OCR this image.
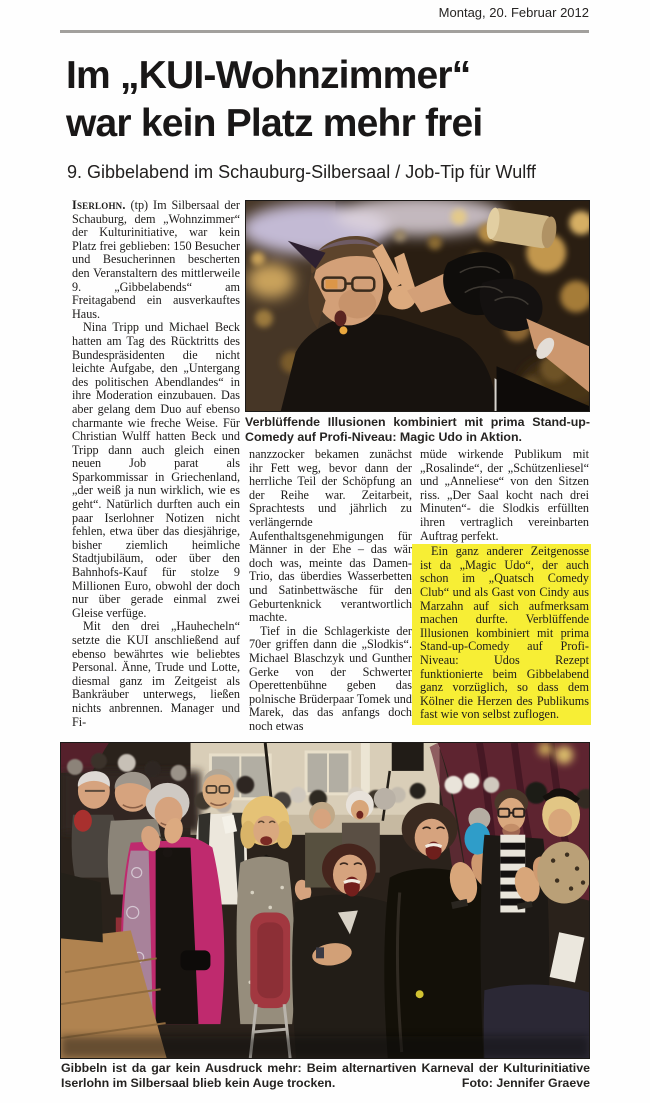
Montag, 20. Februar 2012
Im „KUI-Wohnzimmer“
war kein Platz mehr frei
9. Gibbelabend im Schauburg-Silbersaal / Job-Tip für Wulff

Iserlohn. (tp) Im Silbersaal der Schauburg, dem „Wohnzimmer“ der Kulturinitiative, war kein Platz frei geblieben: 150 Besucher und Besucherinnen bescherten den Veranstaltern des mittlerweile 9. „Gibbelabends“ am Freitagabend ein ausverkauftes Haus.

Nina Tripp und Michael Beck hatten am Tag des Rücktritts des Bundespräsidenten die nicht leichte Aufgabe, den „Untergang des politischen Abendlandes“ in ihre Moderation einzubauen. Das aber gelang dem Duo auf ebenso charmante wie freche Weise. Für Christian Wulff hatten Beck und Tripp dann auch gleich einen neuen Job parat als Sparkommissar in Griechenland, „der weiß ja nun wirklich, wie es geht“. Natürlich durften auch ein paar Iserlohner Notizen nicht fehlen, etwa über das diesjährige, bisher ziemlich heimliche Stadtjubiläum, oder über den Bahnhofs-Kauf für stolze 9 Millionen Euro, obwohl der doch nur über gerade einmal zwei Gleise verfüge.

Mit den drei „Hauhecheln“ setzte die KUI anschließend auf ebenso bewährtes wie beliebtes Personal. Änne, Trude und Lotte, diesmal ganz im Zeitgeist als Bankräuber unterwegs, ließen nichts anbrennen. Manager und Fi-

Verblüffende Illusionen kombiniert mit prima Stand-up-Comedy auf Profi-Niveau: Magic Udo in Aktion.

nanzzocker bekamen zunächst ihr Fett weg, bevor dann der herrliche Teil der Schöpfung an der Reihe war. Zeitarbeit, Sprachtests und jährlich zu verlängernde Aufenthaltsgenehmigungen für Männer in der Ehe – das wär doch was, meinte das Damen-Trio, das überdies Wasserbetten und Satinbettwäsche für den Geburtenknick verantwortlich machte.

Tief in die Schlagerkiste der 70er griffen dann die „Slodkis“. Michael Blaschzyk und Gunther Gerke von der Schwerter Operettenbühne geben das polnische Brüderpaar Tomek und Marek, das das anfangs doch noch etwas

müde wirkende Publikum mit „Rosalinde“, der „Schützenliesel“ und „Anneliese“ von den Sitzen riss. „Der Saal kocht nach drei Minuten“- die Slodkis erfüllten ihren vertraglich vereinbarten Auftrag perfekt.

Ein ganz anderer Zeitgenosse ist da „Magic Udo“, der auch schon im „Quatsch Comedy Club“ und als Gast von Cindy aus Marzahn auf sich aufmerksam machen durfte. Verblüffende Illusionen kombiniert mit prima Stand-up-Comedy auf Profi-Niveau: Udos Rezept funktionierte beim Gibbelabend ganz vorzüglich, so dass dem Kölner die Herzen des Publikums fast wie von selbst zuflogen.

Gibbeln ist da gar kein Ausdruck mehr: Beim alternartiven Karneval der Kulturinitiative Iserlohn im Silbersaal blieb kein Auge trocken.	Foto: Jennifer Graeve
